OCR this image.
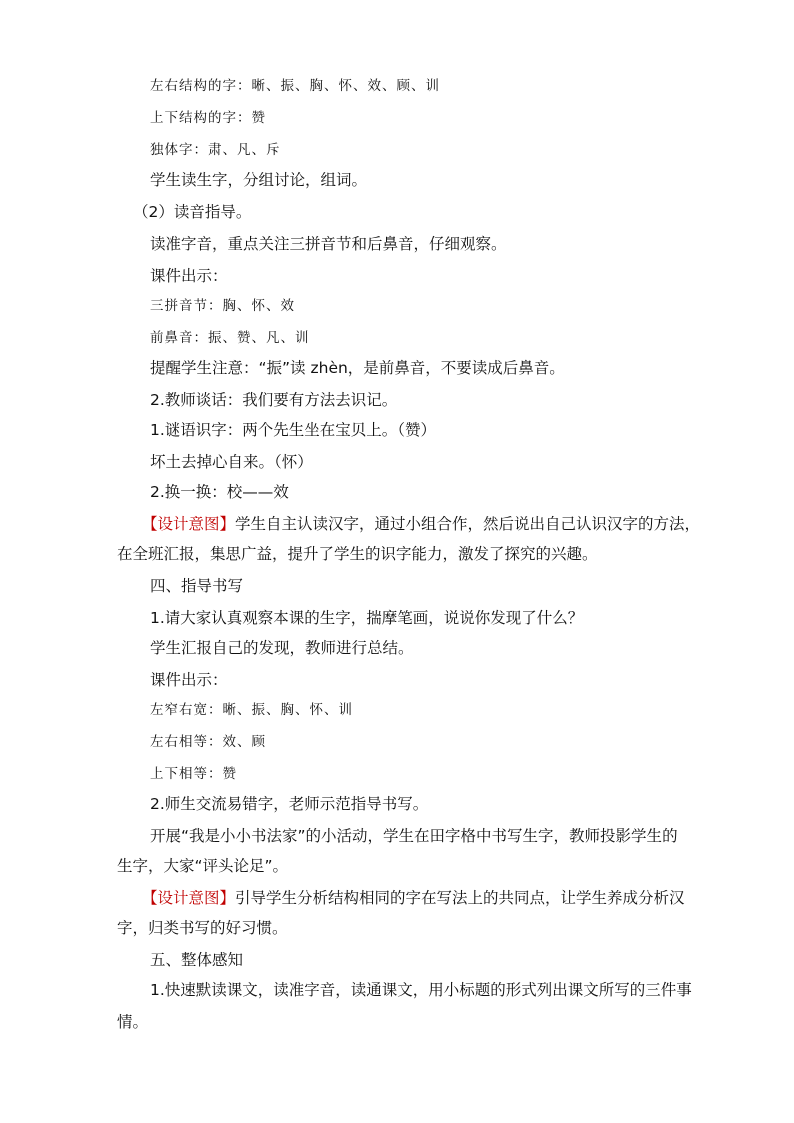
左右结构的字：晰、振、胸、怀、效、顾、训
上下结构的字：赞
独体字：肃、凡、斥
学生读生字，分组讨论，组词。
（2）读音指导。
读准字音，重点关注三拼音节和后鼻音，仔细观察。
课件出示：
三拼音节：胸、怀、效
前鼻音：振、赞、凡、训
提醒学生注意：“振”读 zhèn，是前鼻音，不要读成后鼻音。
2.教师谈话：我们要有方法去识记。
1.谜语识字：两个先生坐在宝贝上。（赞）
坏土去掉心自来。（怀）
2.换一换：校——效
【设计意图】学生自主认读汉字，通过小组合作，然后说出自己认识汉字的方法，
在全班汇报，集思广益，提升了学生的识字能力，激发了探究的兴趣。
四、指导书写
1.请大家认真观察本课的生字，揣摩笔画，说说你发现了什么？
学生汇报自己的发现，教师进行总结。
课件出示：
左窄右宽：晰、振、胸、怀、训
左右相等：效、顾
上下相等：赞
2.师生交流易错字，老师示范指导书写。
开展“我是小小书法家”的小活动，学生在田字格中书写生字，教师投影学生的
生字，大家“评头论足”。
【设计意图】引导学生分析结构相同的字在写法上的共同点，让学生养成分析汉
字，归类书写的好习惯。
五、整体感知
1.快速默读课文，读准字音，读通课文，用小标题的形式列出课文所写的三件事
情。
